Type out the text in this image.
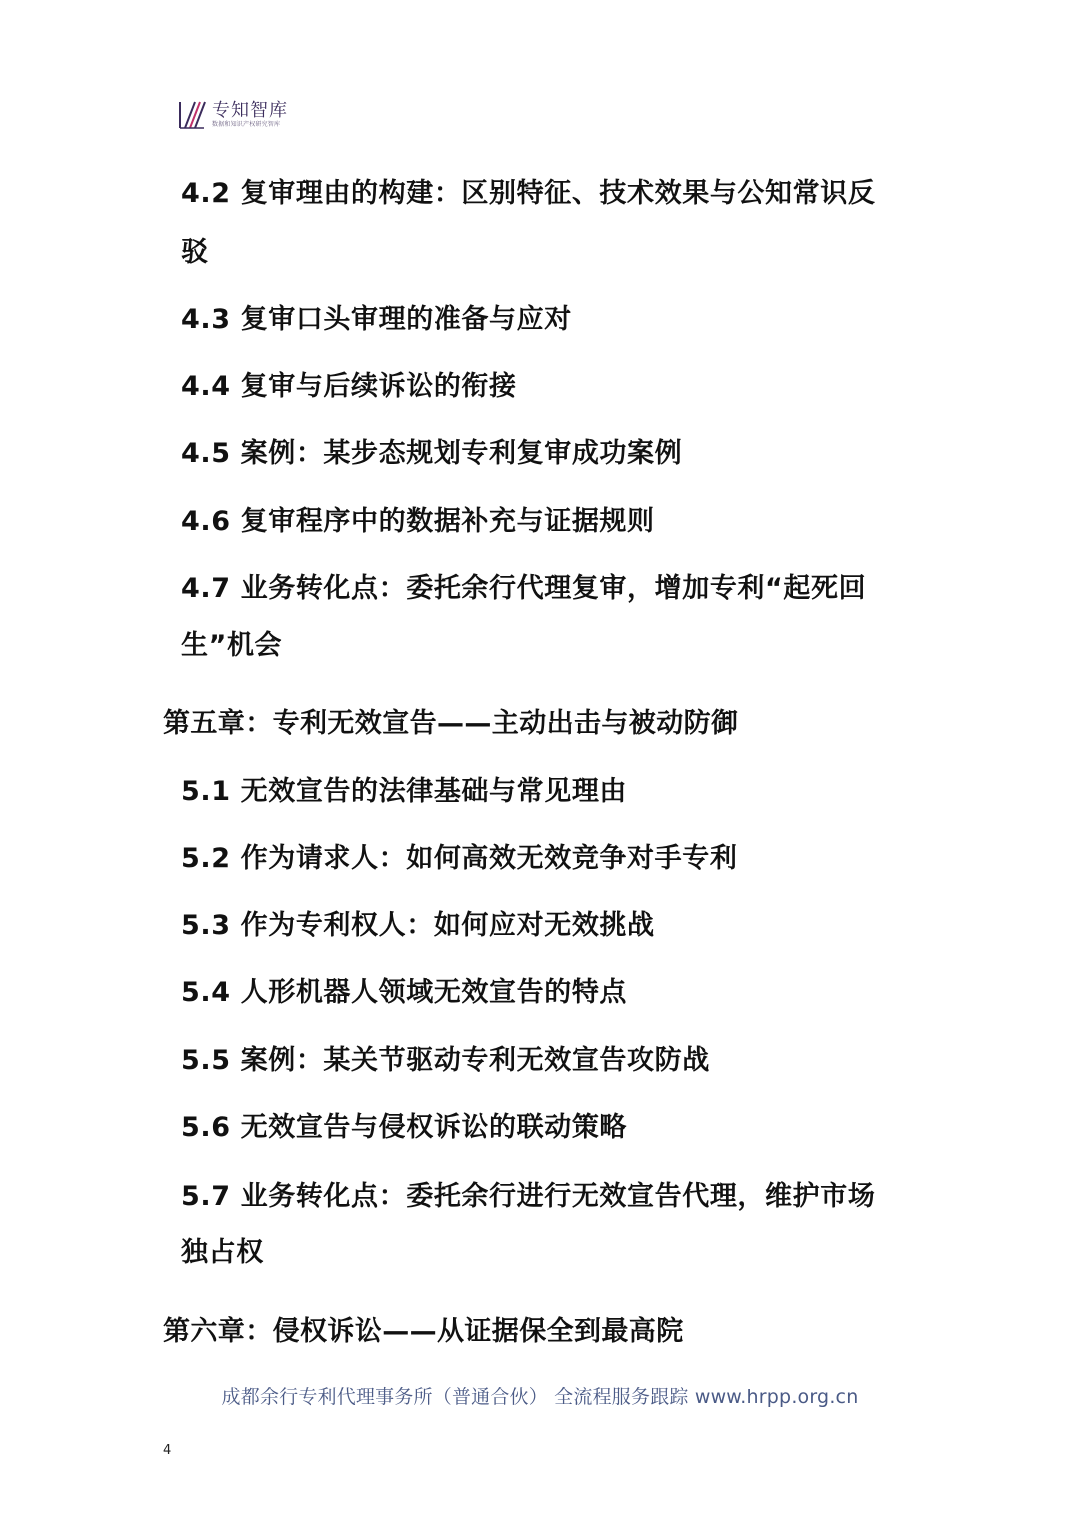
专知智库
数据和知识产权研究智库

4.2 复审理由的构建：区别特征、技术效果与公知常识反

驳

4.3 复审口头审理的准备与应对

4.4 复审与后续诉讼的衔接

4.5 案例：某步态规划专利复审成功案例

4.6 复审程序中的数据补充与证据规则

4.7 业务转化点：委托余行代理复审，增加专利“起死回

生”机会

第五章：专利无效宣告——主动出击与被动防御

5.1 无效宣告的法律基础与常见理由

5.2 作为请求人：如何高效无效竞争对手专利

5.3 作为专利权人：如何应对无效挑战

5.4 人形机器人领域无效宣告的特点

5.5 案例：某关节驱动专利无效宣告攻防战

5.6 无效宣告与侵权诉讼的联动策略

5.7 业务转化点：委托余行进行无效宣告代理，维护市场

独占权

第六章：侵权诉讼——从证据保全到最高院

成都余行专利代理事务所（普通合伙） 全流程服务跟踪 www.hrpp.org.cn
4
